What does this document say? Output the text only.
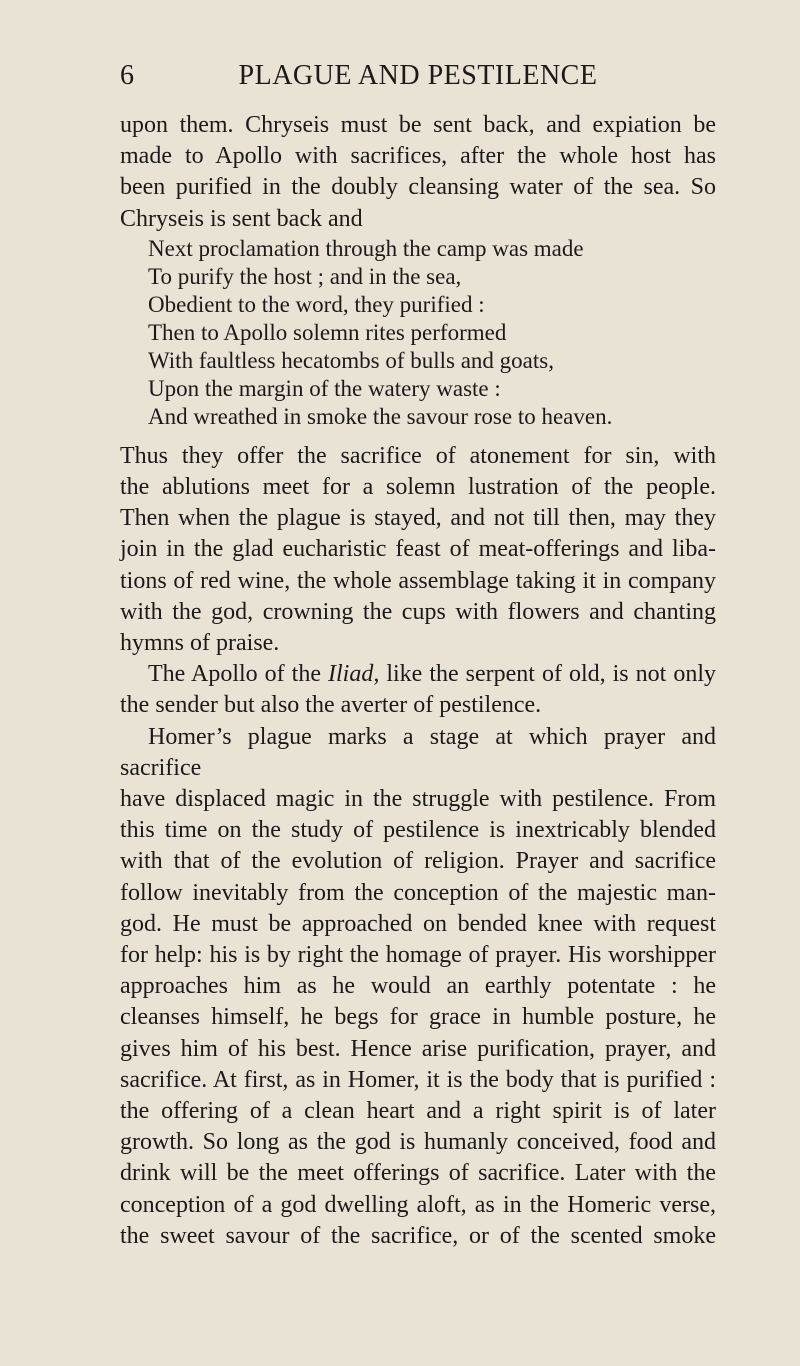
6	PLAGUE AND PESTILENCE
upon them. Chryseis must be sent back, and expiation be
made to Apollo with sacrifices, after the whole host has
been purified in the doubly cleansing water of the sea. So
Chryseis is sent back and
Next proclamation through the camp was made
To purify the host ; and in the sea,
Obedient to the word, they purified :
Then to Apollo solemn rites performed
With faultless hecatombs of bulls and goats,
Upon the margin of the watery waste :
And wreathed in smoke the savour rose to heaven.
Thus they offer the sacrifice of atonement for sin, with
the ablutions meet for a solemn lustration of the people.
Then when the plague is stayed, and not till then, may they
join in the glad eucharistic feast of meat-offerings and liba-
tions of red wine, the whole assemblage taking it in company
with the god, crowning the cups with flowers and chanting
hymns of praise.
The Apollo of the Iliad, like the serpent of old, is not only
the sender but also the averter of pestilence.
Homer’s plague marks a stage at which prayer and sacrifice
have displaced magic in the struggle with pestilence. From
this time on the study of pestilence is inextricably blended
with that of the evolution of religion. Prayer and sacrifice
follow inevitably from the conception of the majestic man-
god. He must be approached on bended knee with request
for help: his is by right the homage of prayer. His worshipper
approaches him as he would an earthly potentate : he
cleanses himself, he begs for grace in humble posture, he
gives him of his best. Hence arise purification, prayer, and
sacrifice. At first, as in Homer, it is the body that is purified :
the offering of a clean heart and a right spirit is of later
growth. So long as the god is humanly conceived, food and
drink will be the meet offerings of sacrifice. Later with the
conception of a god dwelling aloft, as in the Homeric verse,
the sweet savour of the sacrifice, or of the scented smoke
